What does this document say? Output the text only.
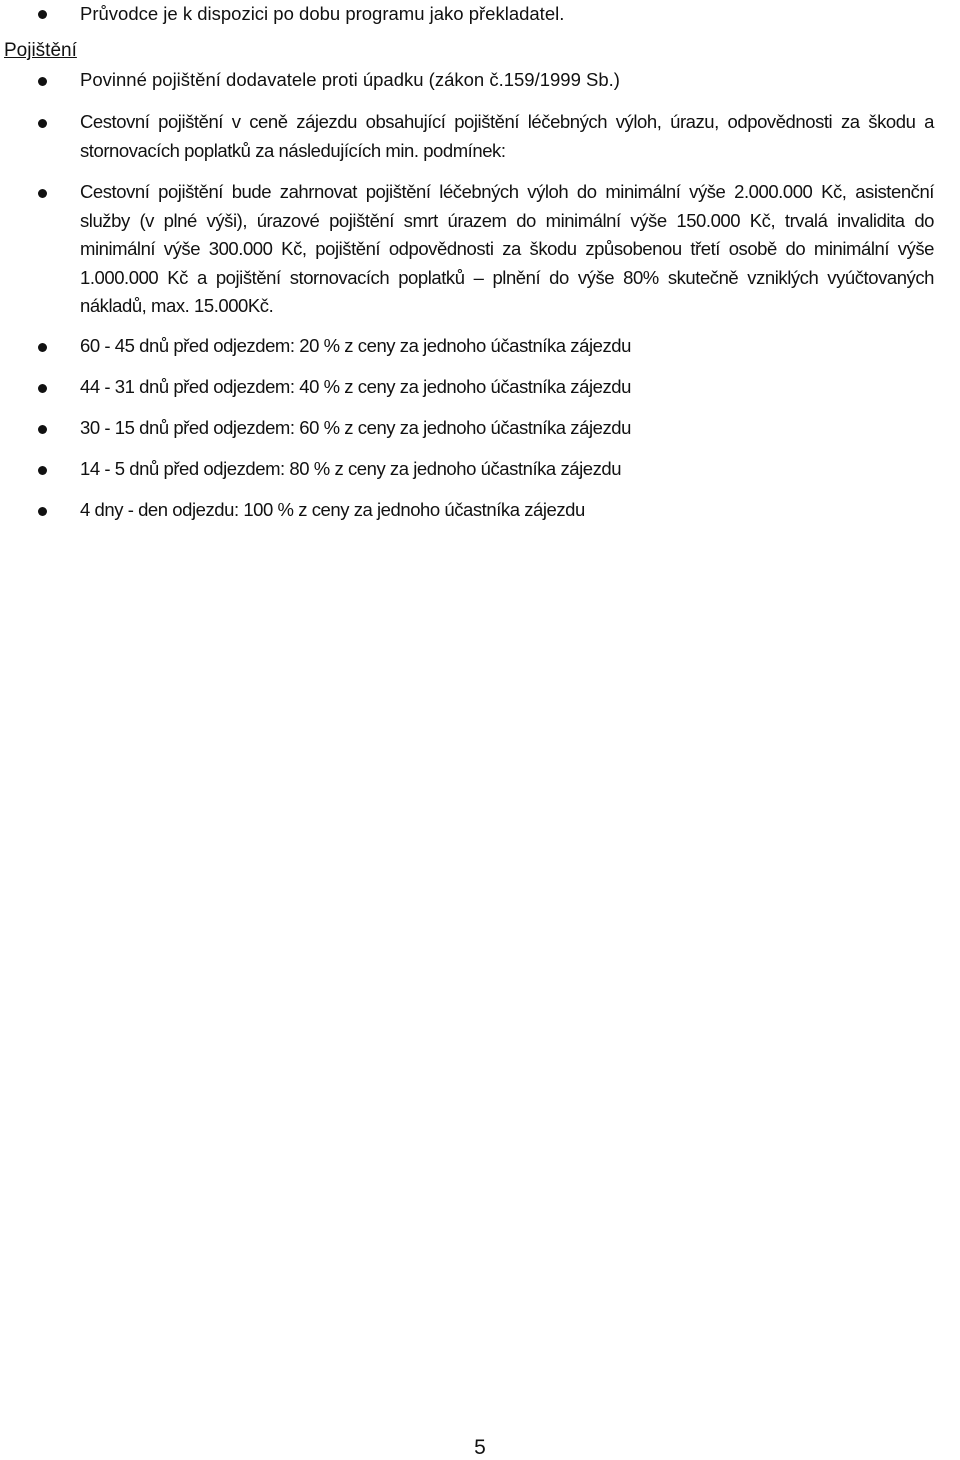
Průvodce je k dispozici po dobu programu jako překladatel.
Pojištění
Povinné pojištění dodavatele proti úpadku (zákon č.159/1999 Sb.)
Cestovní pojištění v ceně zájezdu obsahující pojištění léčebných výloh, úrazu, odpovědnosti za škodu a stornovacích poplatků za následujících min. podmínek:
Cestovní pojištění bude zahrnovat pojištění léčebných výloh do minimální výše 2.000.000 Kč, asistenční služby (v plné výši), úrazové pojištění smrt úrazem do minimální výše 150.000 Kč, trvalá invalidita do minimální výše 300.000 Kč, pojištění odpovědnosti za škodu způsobenou třetí osobě do minimální výše 1.000.000 Kč a pojištění stornovacích poplatků – plnění do výše 80% skutečně vzniklých vyúčtovaných nákladů, max. 15.000Kč.
60 - 45 dnů před odjezdem: 20 % z ceny za jednoho účastníka zájezdu
44 - 31 dnů před odjezdem: 40 % z ceny za jednoho účastníka zájezdu
30 - 15 dnů před odjezdem: 60 % z ceny za jednoho účastníka zájezdu
14 - 5 dnů před odjezdem: 80 % z ceny za jednoho účastníka zájezdu
4 dny - den odjezdu: 100 % z ceny za jednoho účastníka zájezdu
5
